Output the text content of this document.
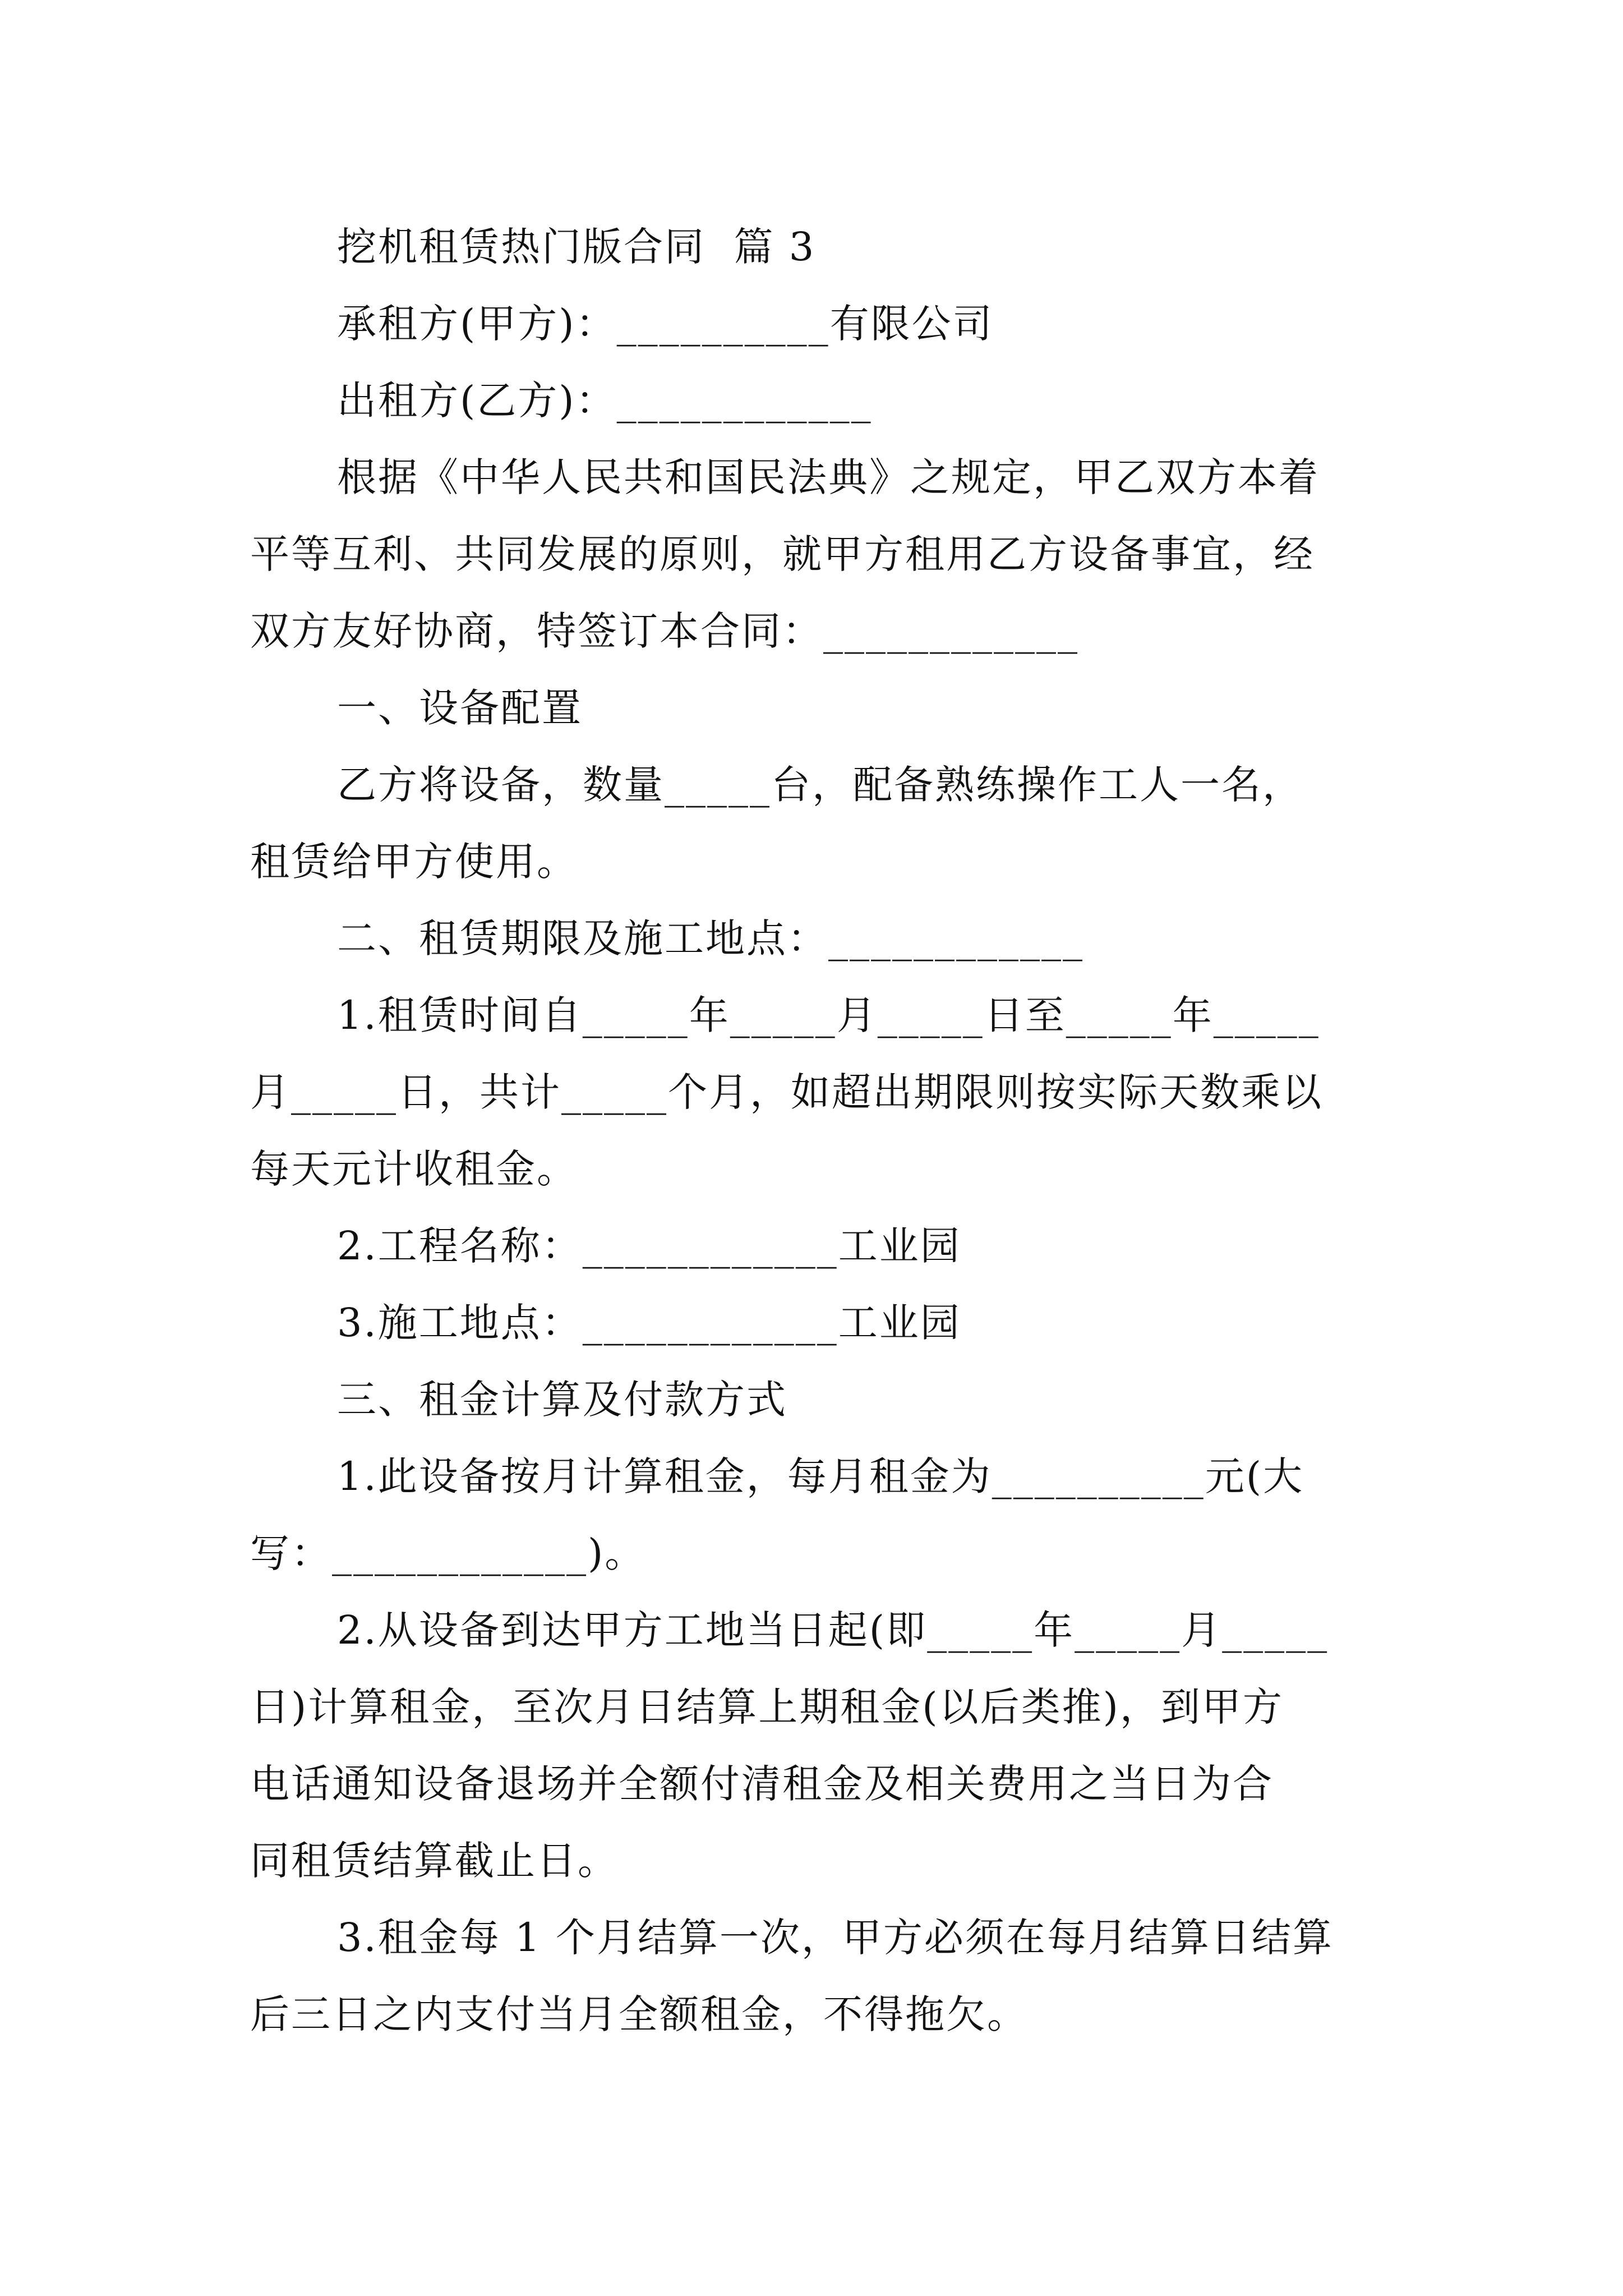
挖机租赁热门版合同  篇 3
承租方(甲方)：__________有限公司
出租方(乙方)：____________
根据《中华人民共和国民法典》之规定，甲乙双方本着
平等互利、共同发展的原则，就甲方租用乙方设备事宜，经
双方友好协商，特签订本合同：____________
一、设备配置
乙方将设备，数量_____台，配备熟练操作工人一名，
租赁给甲方使用。
二、租赁期限及施工地点：____________
1.租赁时间自_____年_____月_____日至_____年_____
月_____日，共计_____个月，如超出期限则按实际天数乘以
每天元计收租金。
2.工程名称：____________工业园
3.施工地点：____________工业园
三、租金计算及付款方式
1.此设备按月计算租金，每月租金为__________元(大
写：____________)。
2.从设备到达甲方工地当日起(即_____年_____月_____
日)计算租金，至次月日结算上期租金(以后类推)，到甲方
电话通知设备退场并全额付清租金及相关费用之当日为合
同租赁结算截止日。
3.租金每 1 个月结算一次，甲方必须在每月结算日结算
后三日之内支付当月全额租金，不得拖欠。
